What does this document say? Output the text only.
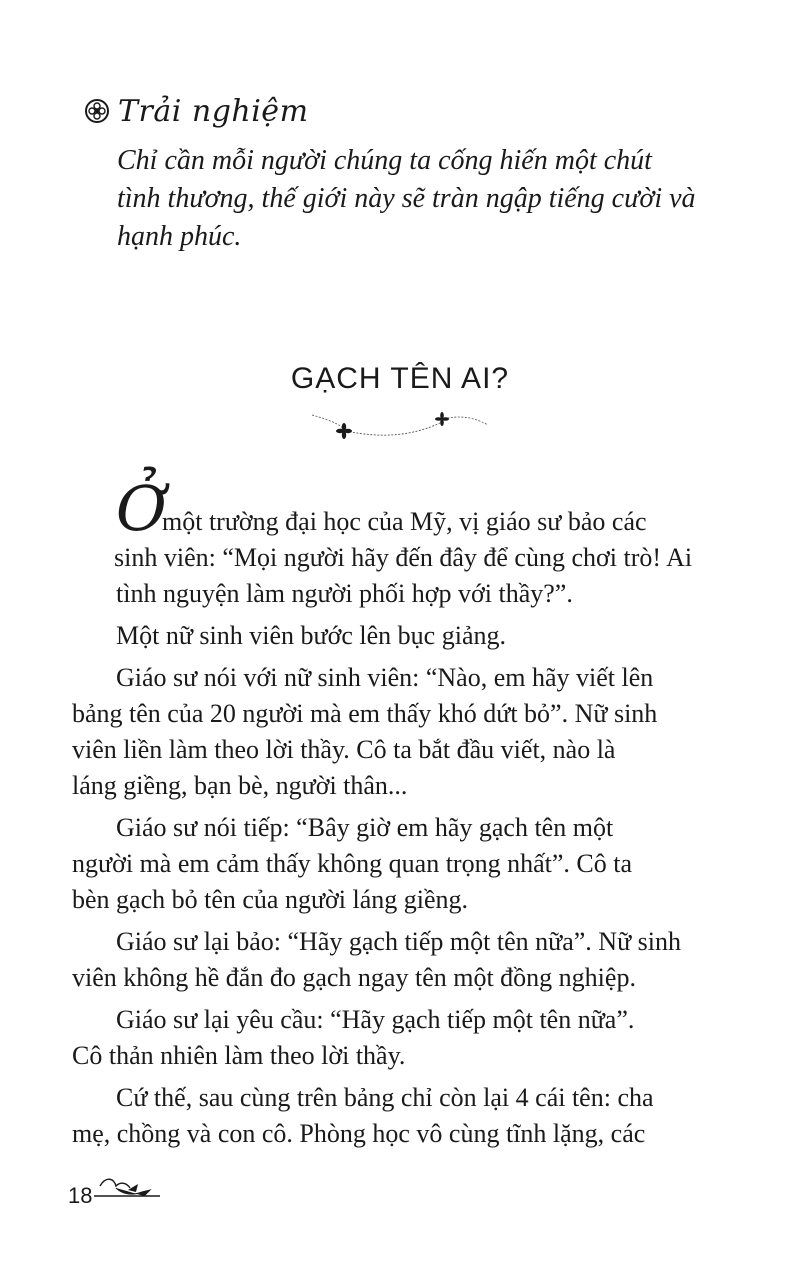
Trải nghiệm
Chỉ cần mỗi người chúng ta cống hiến một chút
tình thương, thế giới này sẽ tràn ngập tiếng cười và
hạnh phúc.
GẠCH TÊN AI?
Ở
một trường đại học của Mỹ, vị giáo sư bảo các
sinh viên: “Mọi người hãy đến đây để cùng chơi trò! Ai
tình nguyện làm người phối hợp với thầy?”.
Một nữ sinh viên bước lên bục giảng.
Giáo sư nói với nữ sinh viên: “Nào, em hãy viết lên
bảng tên của 20 người mà em thấy khó dứt bỏ”. Nữ sinh
viên liền làm theo lời thầy. Cô ta bắt đầu viết, nào là
láng giềng, bạn bè, người thân...
Giáo sư nói tiếp: “Bây giờ em hãy gạch tên một
người mà em cảm thấy không quan trọng nhất”. Cô ta
bèn gạch bỏ tên của người láng giềng.
Giáo sư lại bảo: “Hãy gạch tiếp một tên nữa”. Nữ sinh
viên không hề đắn đo gạch ngay tên một đồng nghiệp.
Giáo sư lại yêu cầu: “Hãy gạch tiếp một tên nữa”.
Cô thản nhiên làm theo lời thầy.
Cứ thế, sau cùng trên bảng chỉ còn lại 4 cái tên: cha
mẹ, chồng và con cô. Phòng học vô cùng tĩnh lặng, các
18
